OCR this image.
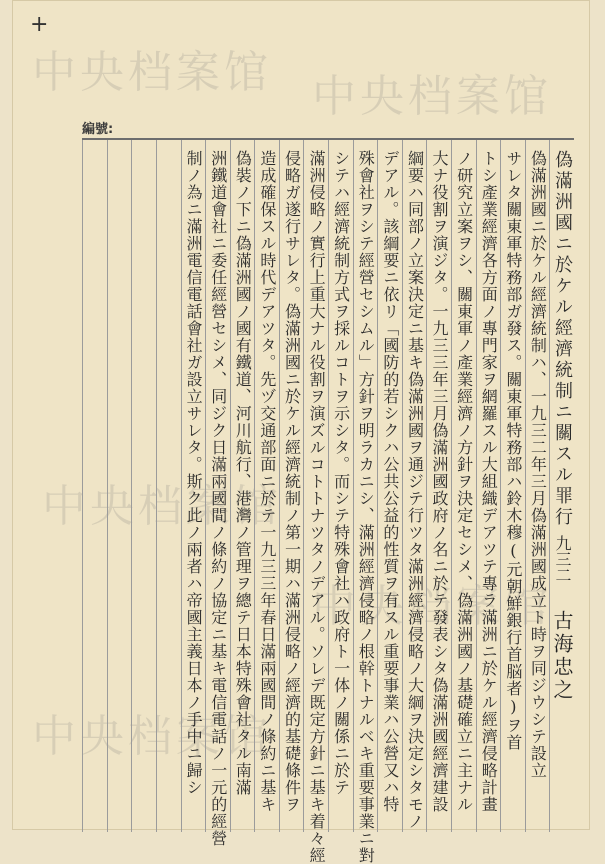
+
編號:
中央档案馆 中央档案馆
中央档案馆
中央档案馆
中央档案馆
偽滿洲國ニ於ケル經濟統制ニ關スル罪行
九三二
古海忠之
偽滿洲國ニ於ケル經濟統制ハ、一九三二年三月偽滿洲國成立ト時ヲ同ジウシテ設立
サレタ關東軍特務部ガ發ス。關東軍特務部ハ鈴木穆(元朝鮮銀行首脳者)ヲ首
トシ產業經濟各方面ノ專門家ヲ網羅スル大組織デアツテ專ラ滿洲ニ於ケル經濟侵略計畫
ノ研究立案ヲシ、關東軍ノ產業經濟ノ方針ヲ決定セシメ、偽滿洲國ノ基礎確立ニ主ナル
大ナ役割ヲ演ジタ。一九三三年三月偽滿洲國政府ノ名ニ於テ發表シタ偽滿洲國經濟建設
綱要ハ同部ノ立案決定ニ基キ偽滿洲國ヲ通ジテ行ツタ滿洲經濟侵略ノ大綱ヲ決定シタモノ
デアル。該綱要ニ依リ「國防的若シクハ公共公益的性質ヲ有スル重要事業ハ公營又ハ特
殊會社ヲシテ經營セシムル」方針ヲ明ラカニシ、滿洲經濟侵略ノ根幹トナルベキ重要事業ニ對
シテハ經濟統制方式ヲ採ルコトヲ示シタ。而シテ特殊會社ハ政府ト一体ノ關係ニ於テ
滿洲侵略ノ實行上重大ナル役割ヲ演ズルコトトナツタノデアル。ソレデ既定方針ニ基キ着々經
侵略ガ遂行サレタ。偽滿洲國ニ於ケル經濟統制ノ第一期ハ滿洲侵略ノ經濟的基礎條件ヲ
造成確保スル時代デアツタ。先ヅ交通部面ニ於テ一九三三年春日滿兩國間ノ條約ニ基キ
偽裝ノ下ニ偽滿洲國ノ國有鐵道、河川航行、港灣ノ管理ヲ總テ日本特殊會社タル南滿
洲鐵道會社ニ委任經營セシメ、同ジク日滿兩國間ノ條約ノ協定ニ基キ電信電話ノ一元的經營
制ノ為ニ滿洲電信電話會社ガ設立サレタ。斯ク此ノ兩者ハ帝國主義日本ノ手中ニ歸シ
